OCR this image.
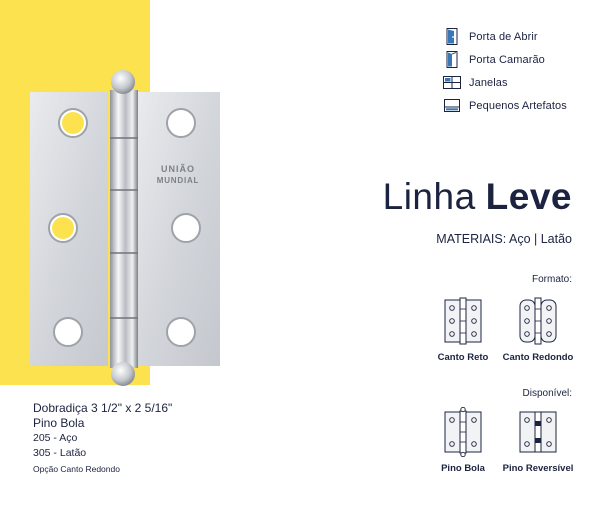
UNIÃO
MUNDIAL
Porta de Abrir
Porta Camarão
Janelas
Pequenos Artefatos
Linha Leve
MATERIAIS: Aço | Latão
Formato:
Canto Reto	Canto Redondo
Disponível:
Pino Bola	Pino Reversível
Dobradiça 3 1/2" x 2 5/16"
Pino Bola
205 - Aço
305 - Latão
Opção Canto Redondo
